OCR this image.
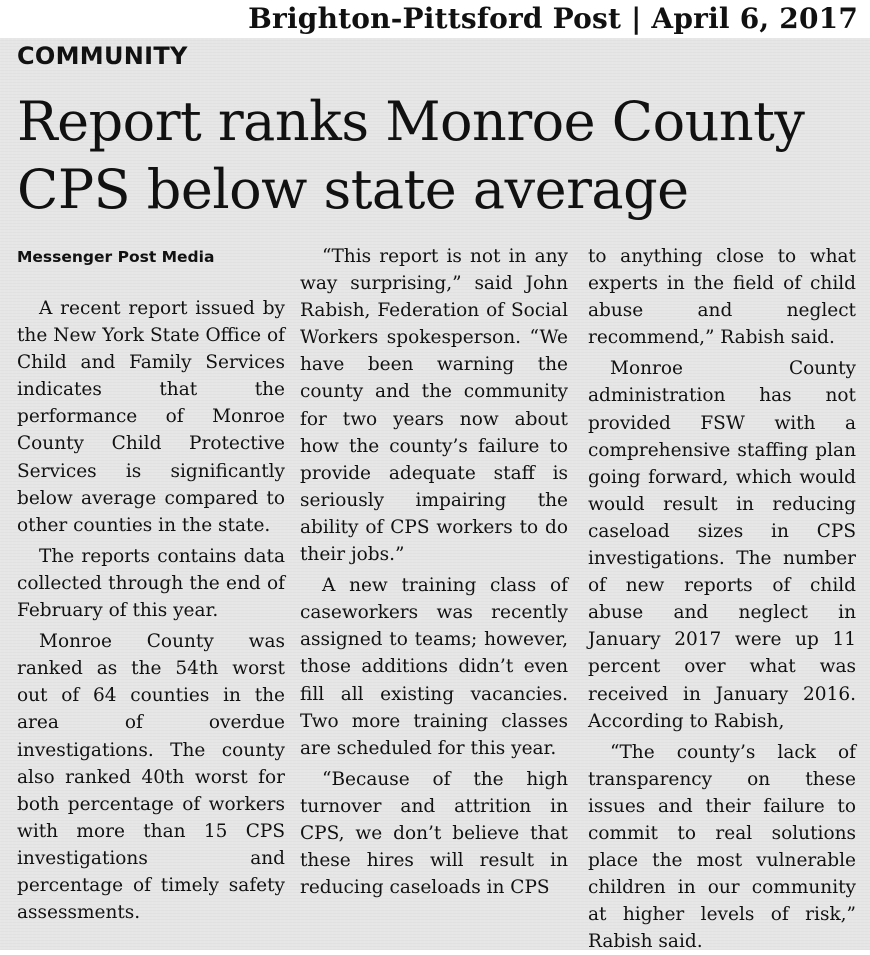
Brighton-Pittsford Post | April 6, 2017
COMMUNITY
Report ranks Monroe County
CPS below state average
Messenger Post Media

A recent report issued by the New York State Office of Child and Family Services indicates that the performance of Monroe County Child Protective Services is significantly below average compared to other counties in the state.

The reports contains data collected through the end of February of this year.

Monroe County was ranked as the 54th worst out of 64 counties in the area of overdue investigations. The county also ranked 40th worst for both percentage of workers with more than 15 CPS investigations and percentage of timely safety assessments.

“This report is not in any way surprising,” said John Rabish, Federation of Social Workers spokesperson. “We have been warning the county and the community for two years now about how the county’s failure to provide adequate staff is seriously impairing the ability of CPS workers to do their jobs.”

A new training class of caseworkers was recently assigned to teams; however, those additions didn’t even fill all existing vacancies. Two more training classes are scheduled for this year.

“Because of the high turnover and attrition in CPS, we don’t believe that these hires will result in reducing caseloads in CPS

to anything close to what experts in the field of child abuse and neglect recommend,” Rabish said.

Monroe County administration has not provided FSW with a comprehensive staffing plan going forward, which would would result in reducing caseload sizes in CPS investigations. The number of new reports of child abuse and neglect in January 2017 were up 11 percent over what was received in January 2016. According to Rabish,

“The county’s lack of transparency on these issues and their failure to commit to real solutions place the most vulnerable children in our community at higher levels of risk,” Rabish said.
